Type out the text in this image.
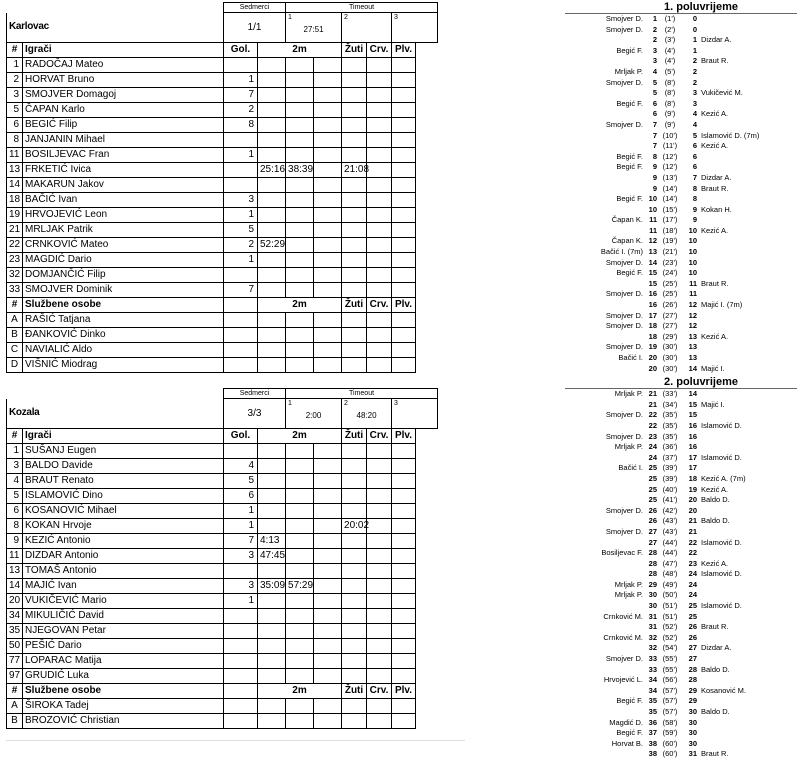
		Sedmerci		Timeout					
Karlovac		1/1		1
27:51		2		3	

#	Igrači	Gol.	2m			Žuti	Crv.	Plv.	
1	RADOČAJ Mateo								
2	HORVAT Bruno	1							
3	SMOJVER Domagoj	7							
5	ČAPAN Karlo	2							
6	BEGIĆ Filip	8							
8	JANJANIN Mihael								
11	BOSILJEVAC Fran	1							
13	FRKETIĆ Ivica		25:16	38:39		21:08			
14	MAKARUN Jakov								
18	BAČIĆ Ivan	3							
19	HRVOJEVIĆ Leon	1							
21	MRLJAK Patrik	5							
22	CRNKOVIĆ Mateo	2	52:29						
23	MAGDIĆ Dario	1							
32	DOMJANČIĆ Filip								
33	SMOJVER Dominik	7							
#	Službene osobe		2m			Žuti	Crv.	Plv.	
A	RAŠIĆ Tatjana								
B	ĐANKOVIĆ Dinko								
C	NAVIALIĆ Aldo								
D	VIŠNIĆ Miodrag								
		Sedmerci		Timeout					
Kozala		3/3		1
2:00		2
48:20		3	

#	Igrači	Gol.	2m			Žuti	Crv.	Plv.	
1	SUŠANJ Eugen								
3	BALDO Davide	4							
4	BRAUT Renato	5							
5	ISLAMOVIĆ Dino	6							
6	KOSANOVIĆ Mihael	1							
8	KOKAN Hrvoje	1				20:02			
9	KEZIĆ Antonio	7	4:13						
11	DIZDAR Antonio	3	47:45						
13	TOMAŠ Antonio								
14	MAJIĆ Ivan	3	35:09	57:29					
20	VUKIČEVIĆ Mario	1							
34	MIKULIČIĆ David								
35	NJEGOVAN Petar								
50	PEŠIĆ Dario								
77	LOPARAC Matija								
97	GRUDIĆ Luka								
#	Službene osobe		2m			Žuti	Crv.	Plv.	
A	ŠIROKA Tadej								
B	BROZOVIĆ Christian								
1. poluvrijeme
Smojver D.	1	(1')	0
Smojver D.	2	(2')	0
2	(3')	1 Dizdar A.
Begić F.	3	(4')	1
3	(4')	2 Braut R.
Mrljak P.	4	(5')	2
Smojver D.	5	(8')	2
5	(8')	3 Vukičević M.
Begić F.	6	(8')	3
6	(9')	4 Kezić A.
Smojver D.	7	(9')	4
7 (10')	5 Islamović D. (7m)
7 (11')	6 Kezić A.
Begić F.	8 (12')	6
Begić F.	9 (12')	6
9 (13')	7 Dizdar A.
9 (14')	8 Braut R.
Begić F. 10 (14')	8
10 (15')	9 Kokan H.
Čapan K. 11 (17')	9
11 (18')	10 Kezić A.
Čapan K. 12 (19')	10
Bačić I. (7m) 13 (21')	10
Smojver D. 14 (23')	10
Begić F. 15 (24')	10
15 (25')	11 Braut R.
Smojver D. 16 (25')	11
16 (26')	12 Majić I. (7m)
Smojver D. 17 (27')	12
Smojver D. 18 (27')	12
18 (29')	13 Kezić A.
Smojver D. 19 (30')	13
Bačić I. 20 (30')	13
20 (30')	14 Majić I.
2. poluvrijeme
Mrljak P. 21 (33')	14
21 (34')	15 Majić I.
Smojver D. 22 (35')	15
22 (35')	16 Islamović D.
Smojver D. 23 (35')	16
Mrljak P. 24 (36')	16
24 (37')	17 Islamović D.
Bačić I. 25 (39')	17
25 (39')	18 Kezić A. (7m)
25 (40')	19 Kezić A.
25 (41')	20 Baldo D.
Smojver D. 26 (42')	20
26 (43')	21 Baldo D.
Smojver D. 27 (43')	21
27 (44')	22 Islamović D.
Bosiljevac F. 28 (44')	22
28 (47')	23 Kezić A.
28 (48')	24 Islamović D.
Mrljak P. 29 (49')	24
Mrljak P. 30 (50')	24
30 (51')	25 Islamović D.
Crnković M. 31 (51')	25
31 (52')	26 Braut R.
Crnković M. 32 (52')	26
32 (54')	27 Dizdar A.
Smojver D. 33 (55')	27
33 (55')	28 Baldo D.
Hrvojević L. 34 (56')	28
34 (57')	29 Kosanović M.
Begić F. 35 (57')	29
35 (57')	30 Baldo D.
Magdić D. 36 (58')	30
Begić F. 37 (59')	30
Horvat B. 38 (60')	30
38 (60')	31 Braut R.
